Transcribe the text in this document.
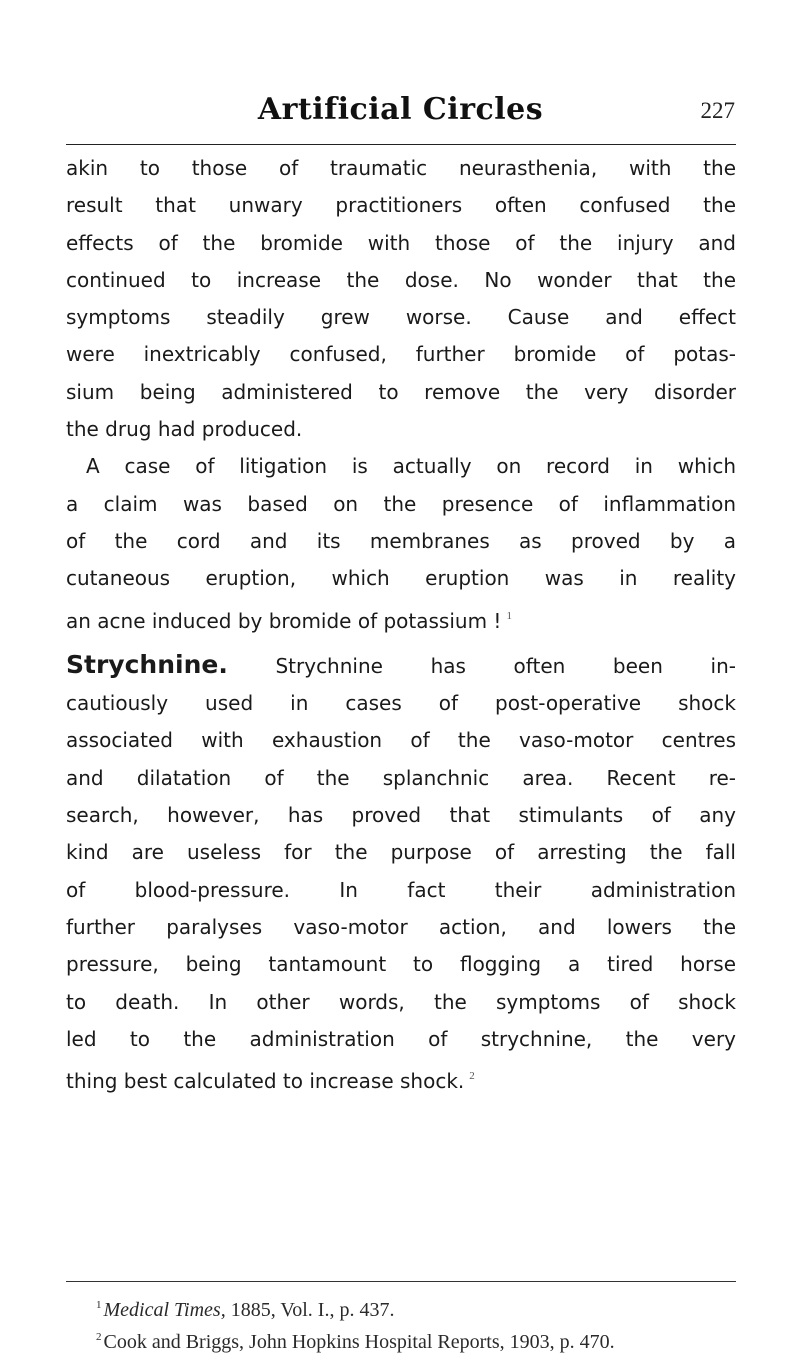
Artificial Circles	227
akin to those of traumatic neurasthenia, with the
result that unwary practitioners often confused the
effects of the bromide with those of the injury and
continued to increase the dose. No wonder that the
symptoms steadily grew worse. Cause and effect
were inextricably confused, further bromide of potas-
sium being administered to remove the very disorder
the drug had produced.
A case of litigation is actually on record in which
a claim was based on the presence of inflammation
of the cord and its membranes as proved by a
cutaneous eruption, which eruption was in reality
an acne induced by bromide of potassium ! $^1$
Strychnine. Strychnine has often been in-
cautiously used in cases of post-operative shock
associated with exhaustion of the vaso-motor centres
and dilatation of the splanchnic area. Recent re-
search, however, has proved that stimulants of any
kind are useless for the purpose of arresting the fall
of blood-pressure. In fact their administration
further paralyses vaso-motor action, and lowers the
pressure, being tantamount to flogging a tired horse
to death. In other words, the symptoms of shock
led to the administration of strychnine, the very
thing best calculated to increase shock. $^2$
$^1$ Medical Times, 1885, Vol. I., p. 437.
$^2$ Cook and Briggs, John Hopkins Hospital Reports, 1903, p. 470.
